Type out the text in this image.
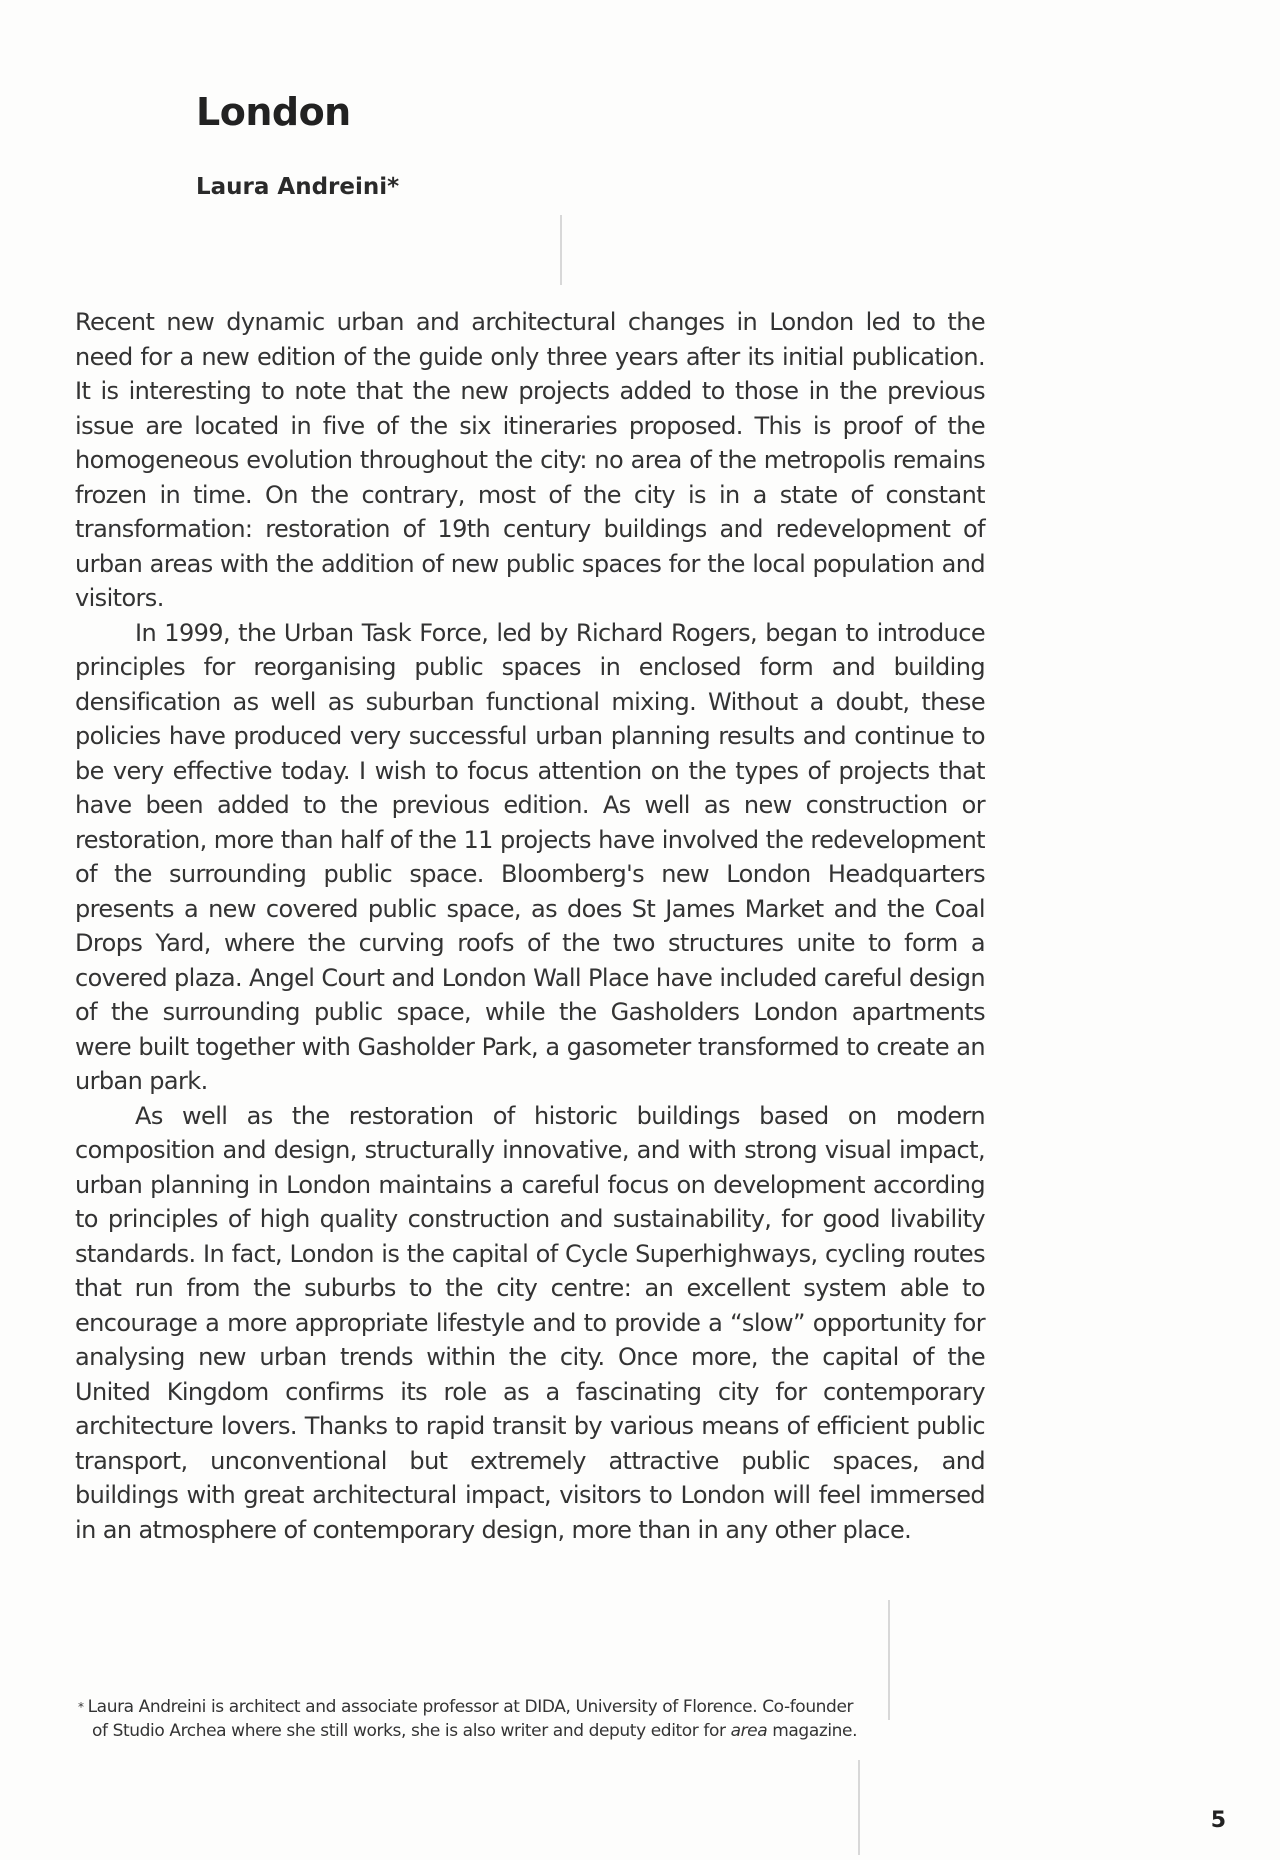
London
Laura Andreini*

Recent new dynamic urban and architectural changes in London led to the need for a new edition of the guide only three years after its initial publication. It is interesting to note that the new projects added to those in the previous issue are located in five of the six itineraries proposed. This is proof of the homogeneous evolution throughout the city: no area of the metropolis remains frozen in time. On the contrary, most of the city is in a state of constant transformation: restoration of 19th century buildings and redevelopment of urban areas with the addition of new public spaces for the local population and visitors.

In 1999, the Urban Task Force, led by Richard Rogers, began to introduce principles for reorganising public spaces in enclosed form and building densification as well as suburban functional mixing. Without a doubt, these policies have produced very successful urban planning results and continue to be very effective today. I wish to focus attention on the types of projects that have been added to the previous edition. As well as new construction or restoration, more than half of the 11 projects have involved the redevelopment of the surrounding public space. Bloomberg's new London Headquarters presents a new covered public space, as does St James Market and the Coal Drops Yard, where the curving roofs of the two structures unite to form a covered plaza. Angel Court and London Wall Place have included careful design of the surrounding public space, while the Gasholders London apartments were built together with Gasholder Park, a gasometer transformed to create an urban park.

As well as the restoration of historic buildings based on modern composition and design, structurally innovative, and with strong visual impact, urban planning in London maintains a careful focus on development according to principles of high quality construction and sustainability, for good livability standards. In fact, London is the capital of Cycle Superhighways, cycling routes that run from the suburbs to the city centre: an excellent system able to encourage a more appropriate lifestyle and to provide a “slow” opportunity for analysing new urban trends within the city. Once more, the capital of the United Kingdom confirms its role as a fascinating city for contemporary architecture lovers. Thanks to rapid transit by various means of efficient public transport, unconventional but extremely attractive public spaces, and buildings with great architectural impact, visitors to London will feel immersed in an atmosphere of contemporary design, more than in any other place.

* Laura Andreini is architect and associate professor at DIDA, University of Florence. Co-founder
of Studio Archea where she still works, she is also writer and deputy editor for area magazine.
5
